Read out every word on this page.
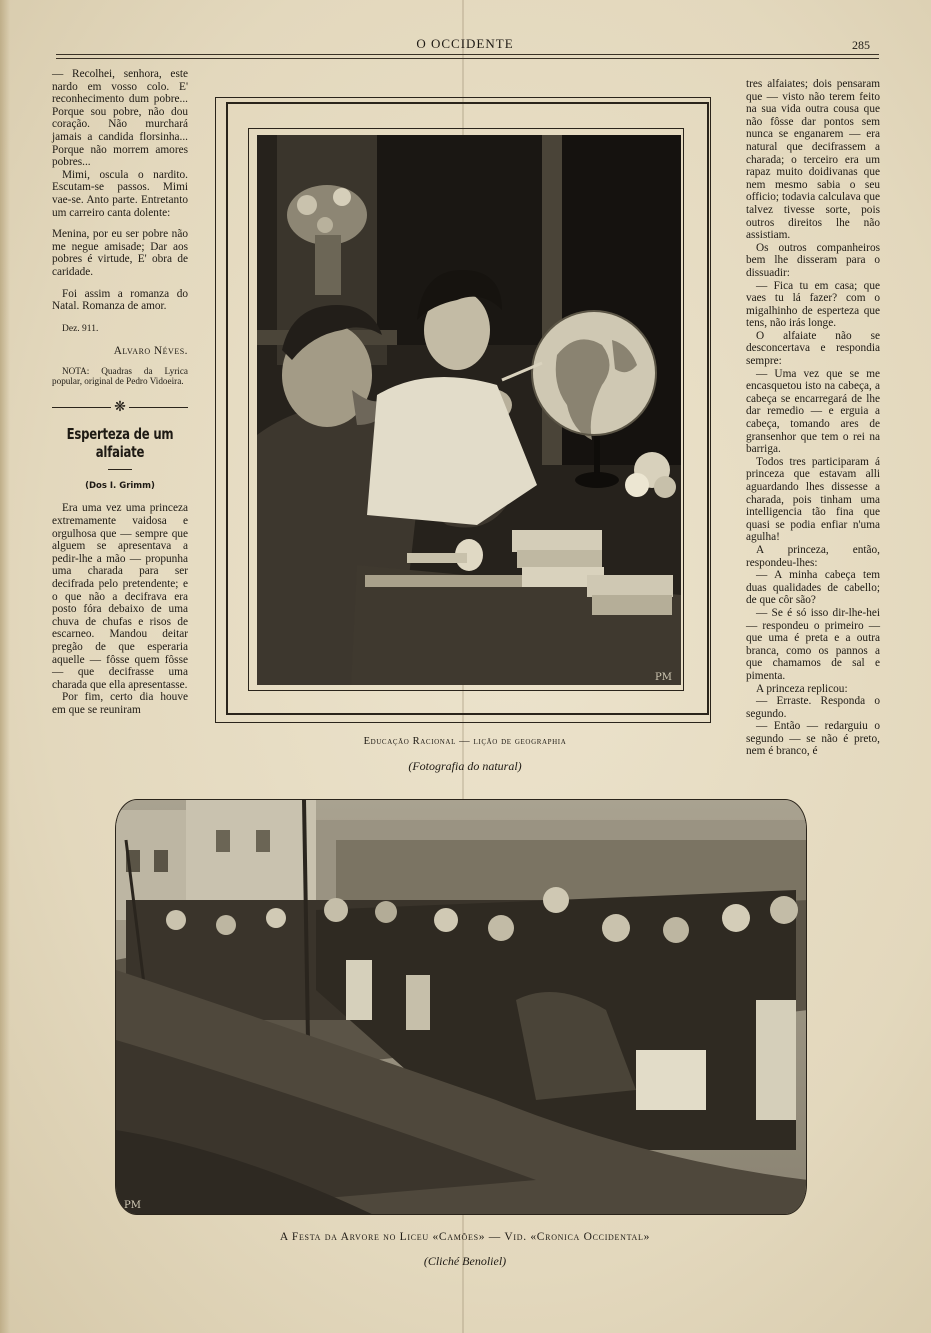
O OCCIDENTE	285

— Recolhei, senhora, este nardo em vosso colo. E' reconhecimento dum pobre... Porque sou pobre, não dou coração. Não murchará jamais a candida florsinha... Porque não morrem amores pobres...

Mimi, oscula o nardito. Escutam-se passos. Mimi vae-se. Anto parte. Entretanto um carreiro canta dolente:

Menina, por eu ser pobre não me negue amisade; Dar aos pobres é virtude, E' obra de caridade.

Foi assim a romanza do Natal. Romanza de amor.

Dez. 911.

Alvaro Néves.

NOTA: Quadras da Lyrica popular, original de Pedro Vidoeira.

❋
Esperteza de um alfaiate
(Dos I. Grimm)

Era uma vez uma princeza extremamente vaidosa e orgulhosa que — sempre que alguem se apresentava a pedir-lhe a mão — propunha uma charada para ser decifrada pelo pretendente; e o que não a decifrava era posto fóra debaixo de uma chuva de chufas e risos de escarneo. Mandou deitar pregão de que esperaria aquelle — fôsse quem fôsse — que decifrasse uma charada que ella apresentasse.

Por fim, certo dia houve em que se reuniram

tres alfaiates; dois pensaram que — visto não terem feito na sua vida outra cousa que não fôsse dar pontos sem nunca se enganarem — era natural que decifrassem a charada; o terceiro era um rapaz muito doidivanas que nem mesmo sabia o seu officio; todavia calculava que talvez tivesse sorte, pois outros direitos lhe não assistiam.

Os outros companheiros bem lhe disseram para o dissuadir:

— Fica tu em casa; que vaes tu lá fazer? com o migalhinho de esperteza que tens, não irás longe.

O alfaiate não se desconcertava e respondia sempre:

— Uma vez que se me encasquetou isto na cabeça, a cabeça se encarregará de lhe dar remedio — e erguia a cabeça, tomando ares de gransenhor que tem o rei na barriga.

Todos tres participaram á princeza que estavam alli aguardando lhes dissesse a charada, pois tinham uma intelligencia tão fina que quasi se podia enfiar n'uma agulha!

A princeza, então, respondeu-lhes:

— A minha cabeça tem duas qualidades de cabello; de que côr são?

— Se é só isso dir-lhe-hei — respondeu o primeiro — que uma é preta e a outra branca, como os pannos a que chamamos de sal e pimenta.

A princeza replicou:

— Erraste. Responda o segundo.

— Então — redarguiu o segundo — se não é preto, nem é branco, é

PM
Educação Racional — lição de geographia
(Fotografia do natural)
PM
A Festa da Arvore no Liceu «Camões» — Vid. «Cronica Occidental»
(Cliché Benoliel)
